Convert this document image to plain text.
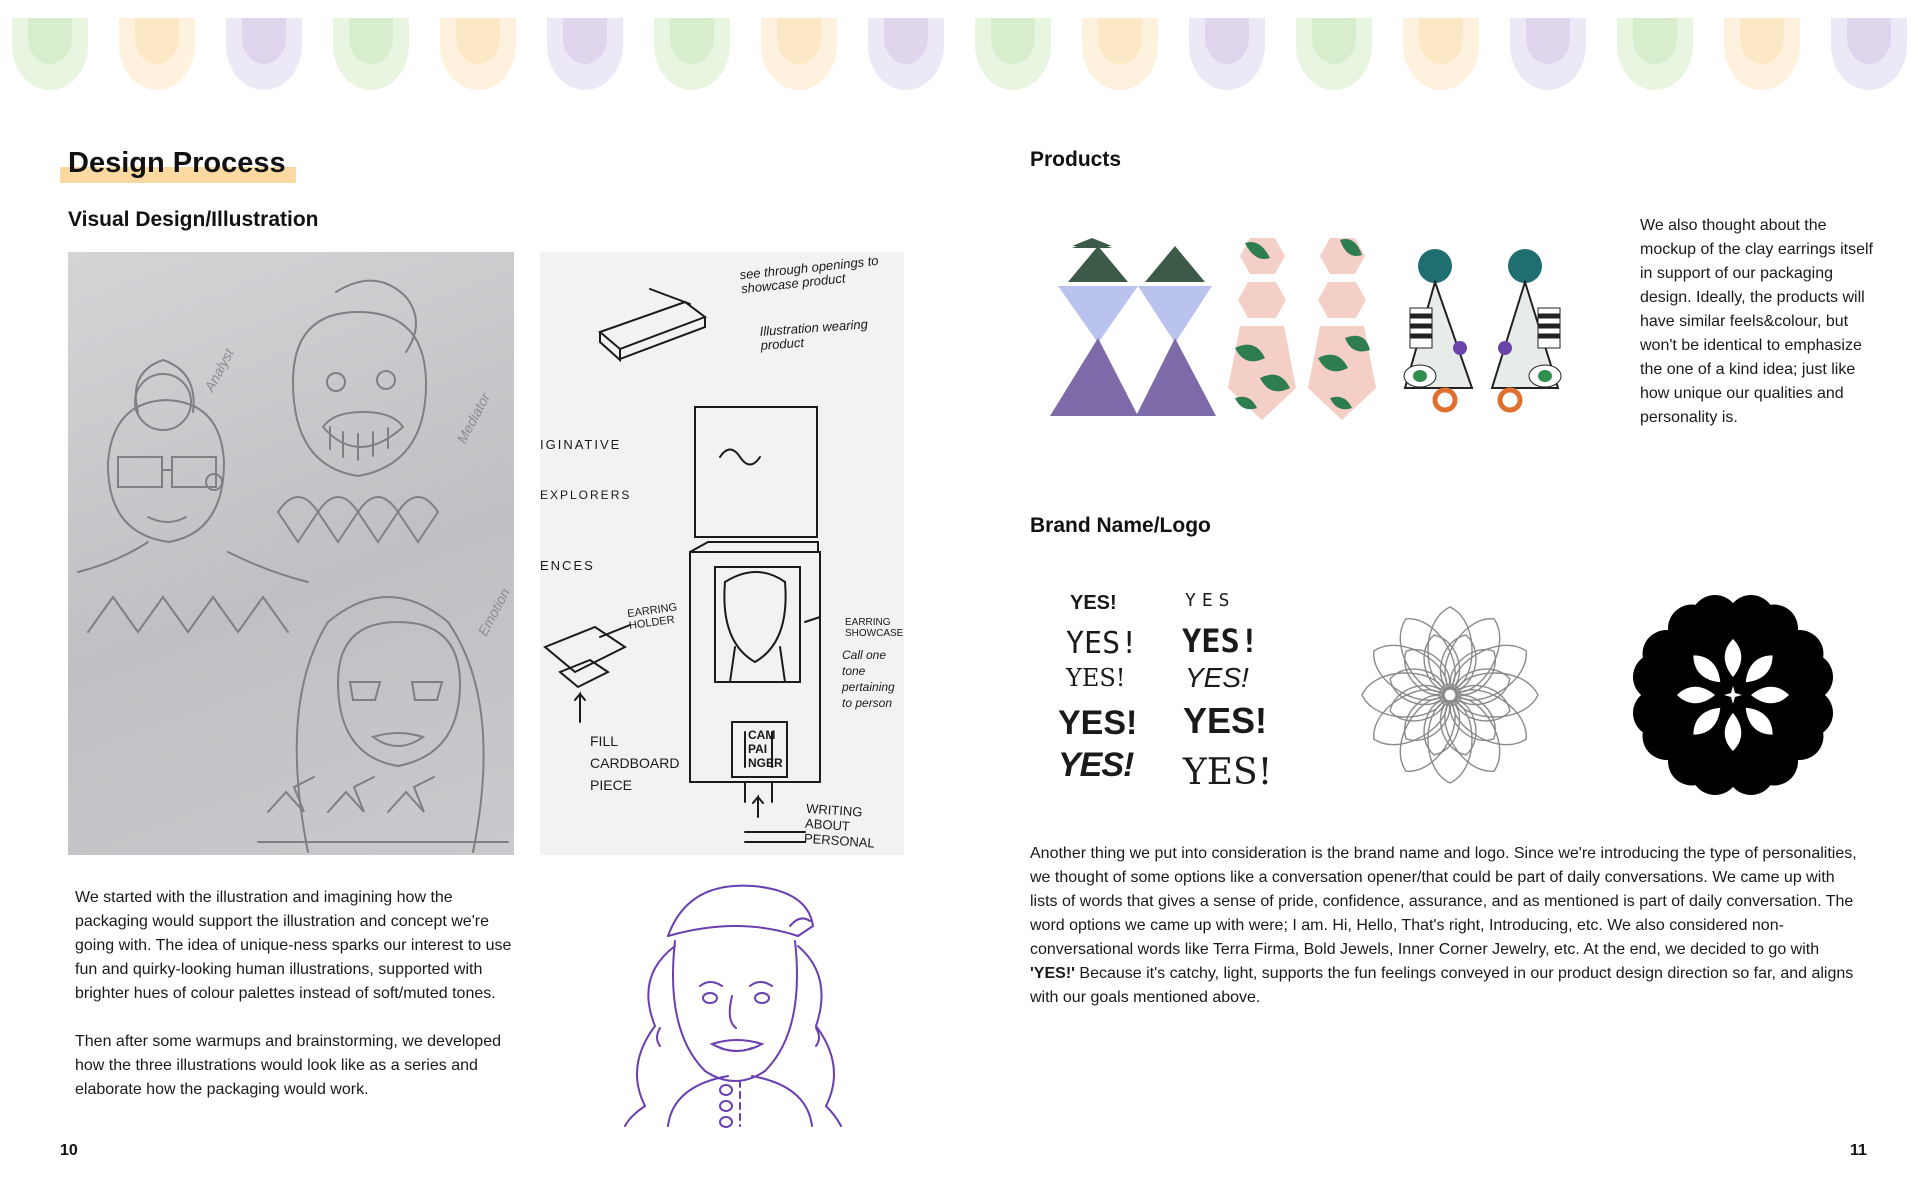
Design Process
Visual Design/Illustration
Analyst
Mediator
Emotion
see through openings to showcase product
Illustration wearing product
IGINATIVE
EXPLORERS
ENCES
EARRING HOLDER	EARRING SHOWCASE
Call one tone pertaining to person
FILL CARDBOARD PIECE
CAM PAI NGER
WRITING ABOUT PERSONAL
We started with the illustration and imagining how the packaging would support the illustration and concept we're going with. The idea of unique-ness sparks our interest to use fun and quirky-looking human illustrations, supported with brighter hues of colour palettes instead of soft/muted tones.
Then after some warmups and brainstorming, we developed how the three illustrations would look like as a series and elaborate how the packaging would work.
10
Products
We also thought about the mockup of the clay earrings itself in support of our packaging design. Ideally, the products will have similar feels&colour, but won't be identical to emphasize the one of a kind idea; just like how unique our qualities and personality is.
Brand Name/Logo
YES!
YES!
YES!
YES!
YES!
YES
YES!
YES!
YES!
YES!
Another thing we put into consideration is the brand name and logo. Since we're introducing the type of personalities, we thought of some options like a conversation opener/that could be part of daily conversations. We came up with lists of words that gives a sense of pride, confidence, assurance, and as mentioned is part of daily conversation. The word options we came up with were; I am. Hi, Hello, That's right, Introducing, etc. We also considered non-conversational words like Terra Firma, Bold Jewels, Inner Corner Jewelry, etc. At the end, we decided to go with 'YES!' Because it's catchy, light, supports the fun feelings conveyed in our product design direction so far, and aligns with our goals mentioned above.
11
